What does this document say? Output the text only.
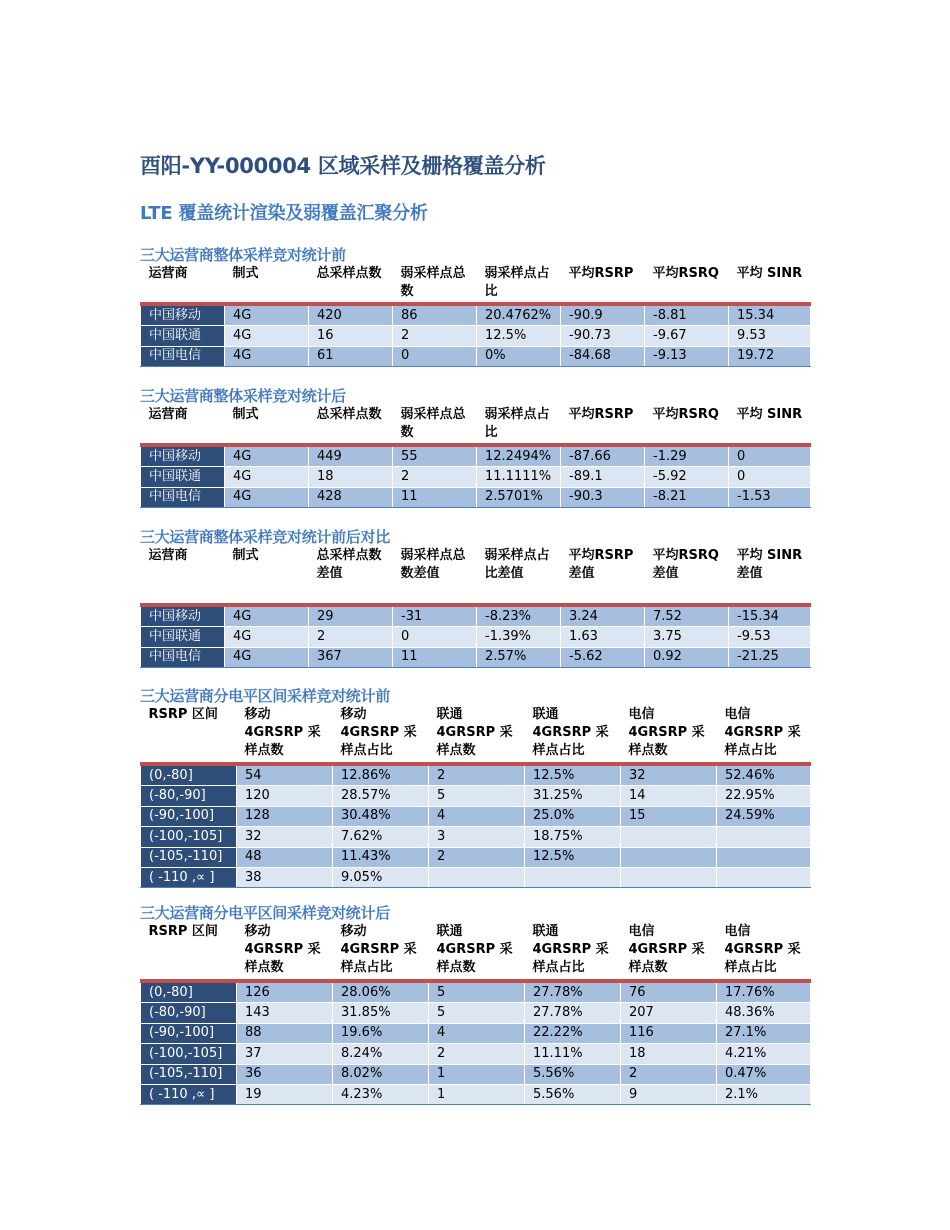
酉阳-YY-000004 区域采样及栅格覆盖分析
LTE 覆盖统计渲染及弱覆盖汇聚分析
三大运营商整体采样竞对统计前
运营商	制式	总采样点数	弱采样点总数	弱采样点占比	平均RSRP	平均RSRQ	平均 SINR
中国移动	4G	420	86	20.4762%	-90.9	-8.81	15.34
中国联通	4G	16	2	12.5%	-90.73	-9.67	9.53
中国电信	4G	61	0	0%	-84.68	-9.13	19.72
三大运营商整体采样竞对统计后
运营商	制式	总采样点数	弱采样点总数	弱采样点占比	平均RSRP	平均RSRQ	平均 SINR
中国移动	4G	449	55	12.2494%	-87.66	-1.29	0
中国联通	4G	18	2	11.1111%	-89.1	-5.92	0
中国电信	4G	428	11	2.5701%	-90.3	-8.21	-1.53
三大运营商整体采样竞对统计前后对比
运营商	制式	总采样点数差值	弱采样点总数差值	弱采样点占比差值	平均RSRP 差值	平均RSRQ 差值	平均 SINR差值
中国移动	4G	29	-31	-8.23%	3.24	7.52	-15.34
中国联通	4G	2	0	-1.39%	1.63	3.75	-9.53
中国电信	4G	367	11	2.57%	-5.62	0.92	-21.25
三大运营商分电平区间采样竞对统计前
RSRP 区间	移动 4GRSRP 采样点数	移动 4GRSRP 采样点占比	联通 4GRSRP 采样点数	联通 4GRSRP 采样点占比	电信 4GRSRP 采样点数	电信 4GRSRP 采样点占比
(0,-80]	54	12.86%	2	12.5%	32	52.46%
(-80,-90]	120	28.57%	5	31.25%	14	22.95%
(-90,-100]	128	30.48%	4	25.0%	15	24.59%
(-100,-105]	32	7.62%	3	18.75%		
(-105,-110]	48	11.43%	2	12.5%		
( -110 ,∝ ]	38	9.05%				
三大运营商分电平区间采样竞对统计后
RSRP 区间	移动 4GRSRP 采样点数	移动 4GRSRP 采样点占比	联通 4GRSRP 采样点数	联通 4GRSRP 采样点占比	电信 4GRSRP 采样点数	电信 4GRSRP 采样点占比
(0,-80]	126	28.06%	5	27.78%	76	17.76%
(-80,-90]	143	31.85%	5	27.78%	207	48.36%
(-90,-100]	88	19.6%	4	22.22%	116	27.1%
(-100,-105]	37	8.24%	2	11.11%	18	4.21%
(-105,-110]	36	8.02%	1	5.56%	2	0.47%
( -110 ,∝ ]	19	4.23%	1	5.56%	9	2.1%
